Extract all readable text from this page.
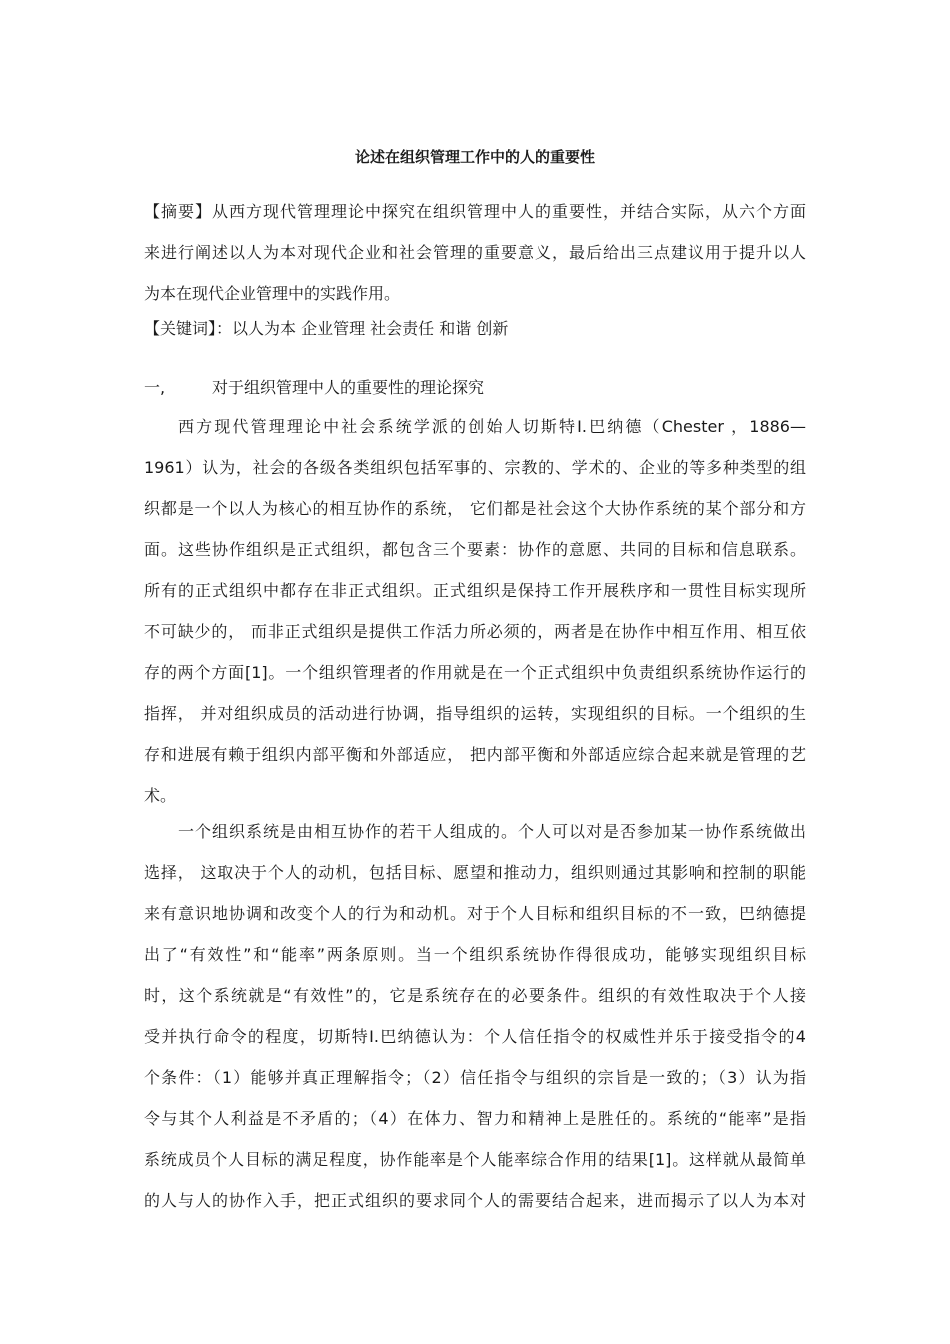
论述在组织管理工作中的人的重要性
【摘要】从西方现代管理理论中探究在组织管理中人的重要性，并结合实际，从六个方面
来进行阐述以人为本对现代企业和社会管理的重要意义，最后给出三点建议用于提升以人
为本在现代企业管理中的实践作用。
【关键词】：以人为本 企业管理 社会责任 和谐 创新
一,	对于组织管理中人的重要性的理论探究
西方现代管理理论中社会系统学派的创始人切斯特I.巴纳德（Chester ，1886—
1961）认为，社会的各级各类组织包括军事的、宗教的、学术的、企业的等多种类型的组
织都是一个以人为核心的相互协作的系统， 它们都是社会这个大协作系统的某个部分和方
面。这些协作组织是正式组织，都包含三个要素：协作的意愿、共同的目标和信息联系。
所有的正式组织中都存在非正式组织。正式组织是保持工作开展秩序和一贯性目标实现所
不可缺少的， 而非正式组织是提供工作活力所必须的，两者是在协作中相互作用、相互依
存的两个方面[1]。一个组织管理者的作用就是在一个正式组织中负责组织系统协作运行的
指挥， 并对组织成员的活动进行协调，指导组织的运转，实现组织的目标。一个组织的生
存和进展有赖于组织内部平衡和外部适应， 把内部平衡和外部适应综合起来就是管理的艺
术。
一个组织系统是由相互协作的若干人组成的。个人可以对是否参加某一协作系统做出
选择， 这取决于个人的动机，包括目标、愿望和推动力，组织则通过其影响和控制的职能
来有意识地协调和改变个人的行为和动机。对于个人目标和组织目标的不一致，巴纳德提
出了“有效性”和“能率”两条原则。当一个组织系统协作得很成功，能够实现组织目标
时，这个系统就是“有效性”的，它是系统存在的必要条件。组织的有效性取决于个人接
受并执行命令的程度，切斯特I.巴纳德认为：个人信任指令的权威性并乐于接受指令的4
个条件：（1）能够并真正理解指令；（2）信任指令与组织的宗旨是一致的；（3）认为指
令与其个人利益是不矛盾的；（4）在体力、智力和精神上是胜任的。系统的“能率”是指
系统成员个人目标的满足程度，协作能率是个人能率综合作用的结果[1]。这样就从最简单
的人与人的协作入手，把正式组织的要求同个人的需要结合起来，进而揭示了以人为本对
